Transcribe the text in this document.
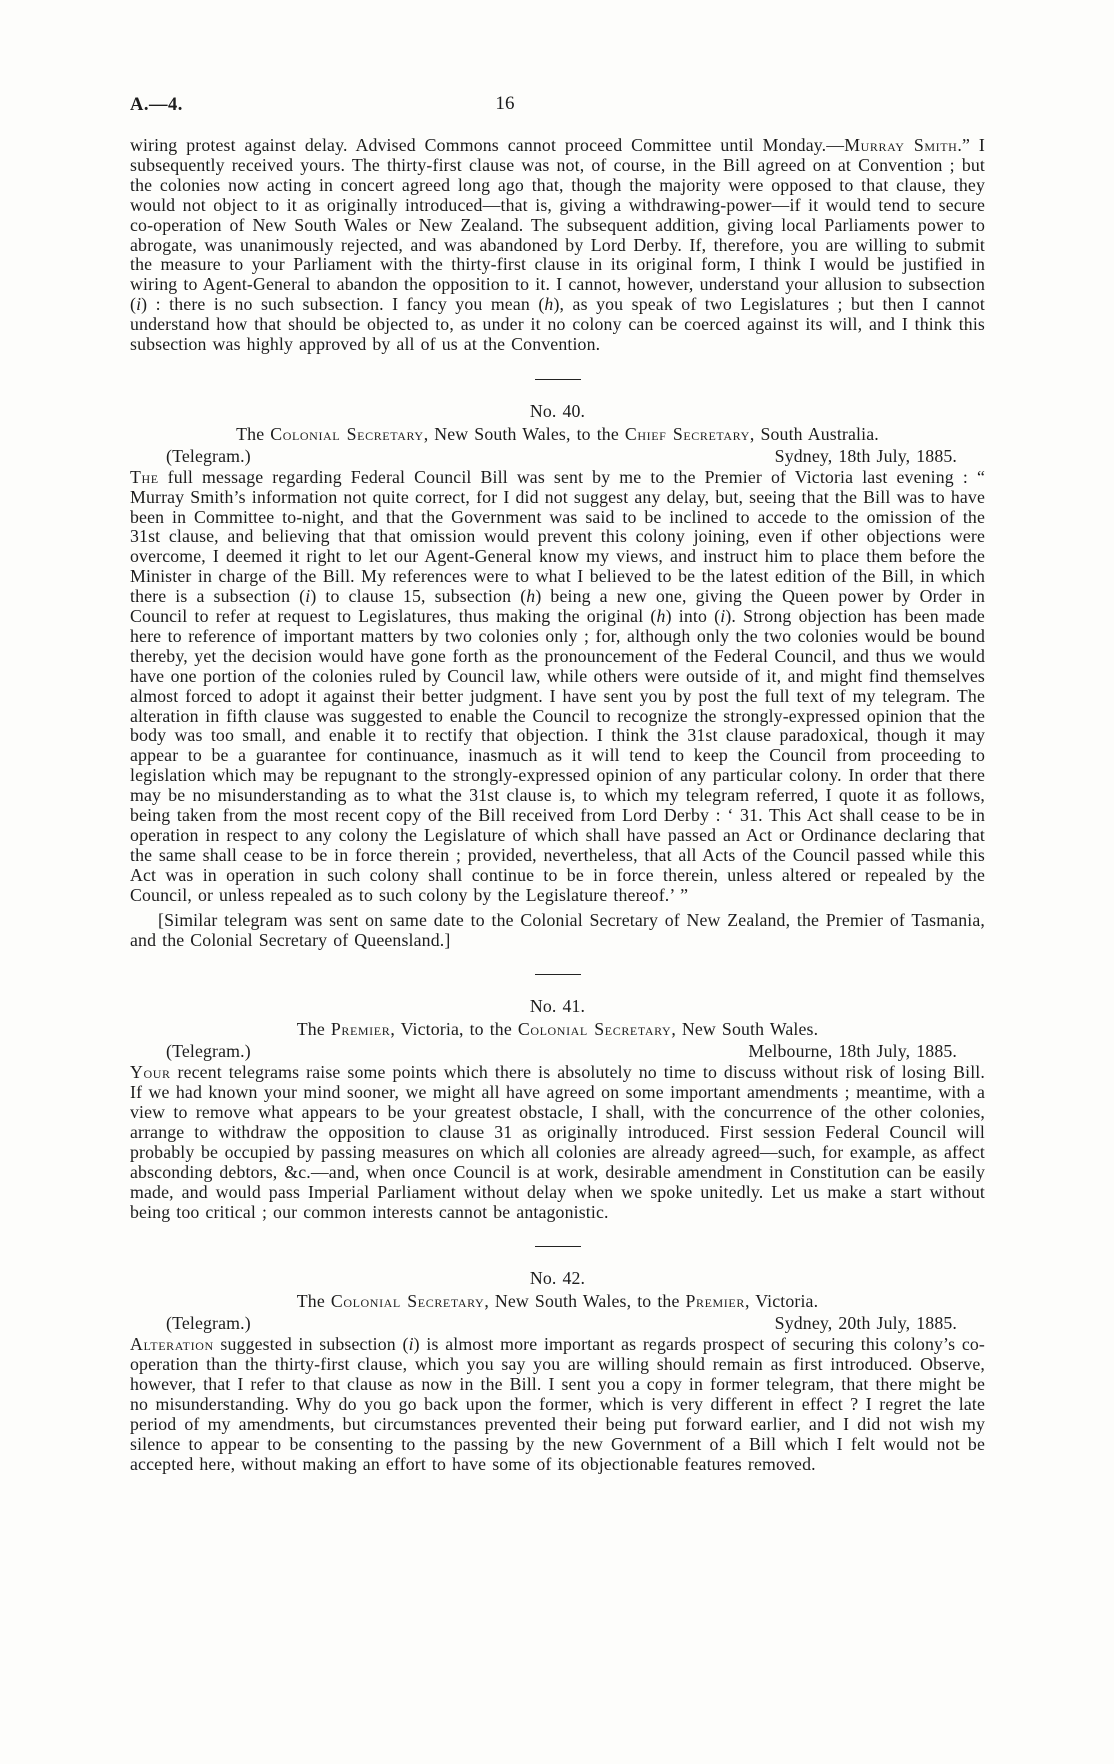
A.—4.	16

wiring protest against delay. Advised Commons cannot proceed Committee until Monday.—Murray Smith.” I subsequently received yours. The thirty-first clause was not, of course, in the Bill agreed on at Convention ; but the colonies now acting in concert agreed long ago that, though the majority were opposed to that clause, they would not object to it as originally introduced—that is, giving a withdrawing-power—if it would tend to secure co-operation of New South Wales or New Zealand. The subsequent addition, giving local Parliaments power to abrogate, was unanimously rejected, and was abandoned by Lord Derby. If, therefore, you are willing to submit the measure to your Parliament with the thirty-first clause in its original form, I think I would be justified in wiring to Agent-General to abandon the opposition to it. I cannot, however, understand your allusion to subsection (i) : there is no such subsection. I fancy you mean (h), as you speak of two Legislatures ; but then I cannot understand how that should be objected to, as under it no colony can be coerced against its will, and I think this subsection was highly approved by all of us at the Convention.

No. 40.
The Colonial Secretary, New South Wales, to the Chief Secretary, South Australia.
(Telegram.)	Sydney, 18th July, 1885.

The full message regarding Federal Council Bill was sent by me to the Premier of Victoria last evening : “ Murray Smith’s information not quite correct, for I did not suggest any delay, but, seeing that the Bill was to have been in Committee to-night, and that the Government was said to be inclined to accede to the omission of the 31st clause, and believing that that omission would prevent this colony joining, even if other objections were overcome, I deemed it right to let our Agent-General know my views, and instruct him to place them before the Minister in charge of the Bill. My references were to what I believed to be the latest edition of the Bill, in which there is a subsection (i) to clause 15, subsection (h) being a new one, giving the Queen power by Order in Council to refer at request to Legislatures, thus making the original (h) into (i). Strong objection has been made here to reference of important matters by two colonies only ; for, although only the two colonies would be bound thereby, yet the decision would have gone forth as the pronouncement of the Federal Council, and thus we would have one portion of the colonies ruled by Council law, while others were outside of it, and might find themselves almost forced to adopt it against their better judgment. I have sent you by post the full text of my telegram. The alteration in fifth clause was suggested to enable the Council to recognize the strongly-expressed opinion that the body was too small, and enable it to rectify that objection. I think the 31st clause paradoxical, though it may appear to be a guarantee for continuance, inasmuch as it will tend to keep the Council from proceeding to legislation which may be repugnant to the strongly-expressed opinion of any particular colony. In order that there may be no misunderstanding as to what the 31st clause is, to which my telegram referred, I quote it as follows, being taken from the most recent copy of the Bill received from Lord Derby : ‘ 31. This Act shall cease to be in operation in respect to any colony the Legislature of which shall have passed an Act or Ordinance declaring that the same shall cease to be in force therein ; provided, nevertheless, that all Acts of the Council passed while this Act was in operation in such colony shall continue to be in force therein, unless altered or repealed by the Council, or unless repealed as to such colony by the Legislature thereof.’ ”

[Similar telegram was sent on same date to the Colonial Secretary of New Zealand, the Premier of Tasmania, and the Colonial Secretary of Queensland.]

No. 41.
The Premier, Victoria, to the Colonial Secretary, New South Wales.
(Telegram.)	Melbourne, 18th July, 1885.

Your recent telegrams raise some points which there is absolutely no time to discuss without risk of losing Bill. If we had known your mind sooner, we might all have agreed on some important amendments ; meantime, with a view to remove what appears to be your greatest obstacle, I shall, with the concurrence of the other colonies, arrange to withdraw the opposition to clause 31 as originally introduced. First session Federal Council will probably be occupied by passing measures on which all colonies are already agreed—such, for example, as affect absconding debtors, &c.—and, when once Council is at work, desirable amendment in Constitution can be easily made, and would pass Imperial Parliament without delay when we spoke unitedly. Let us make a start without being too critical ; our common interests cannot be antagonistic.

No. 42.
The Colonial Secretary, New South Wales, to the Premier, Victoria.
(Telegram.)	Sydney, 20th July, 1885.

Alteration suggested in subsection (i) is almost more important as regards prospect of securing this colony’s co-operation than the thirty-first clause, which you say you are willing should remain as first introduced. Observe, however, that I refer to that clause as now in the Bill. I sent you a copy in former telegram, that there might be no misunderstanding. Why do you go back upon the former, which is very different in effect ? I regret the late period of my amendments, but circumstances prevented their being put forward earlier, and I did not wish my silence to appear to be consenting to the passing by the new Government of a Bill which I felt would not be accepted here, without making an effort to have some of its objectionable features removed.
